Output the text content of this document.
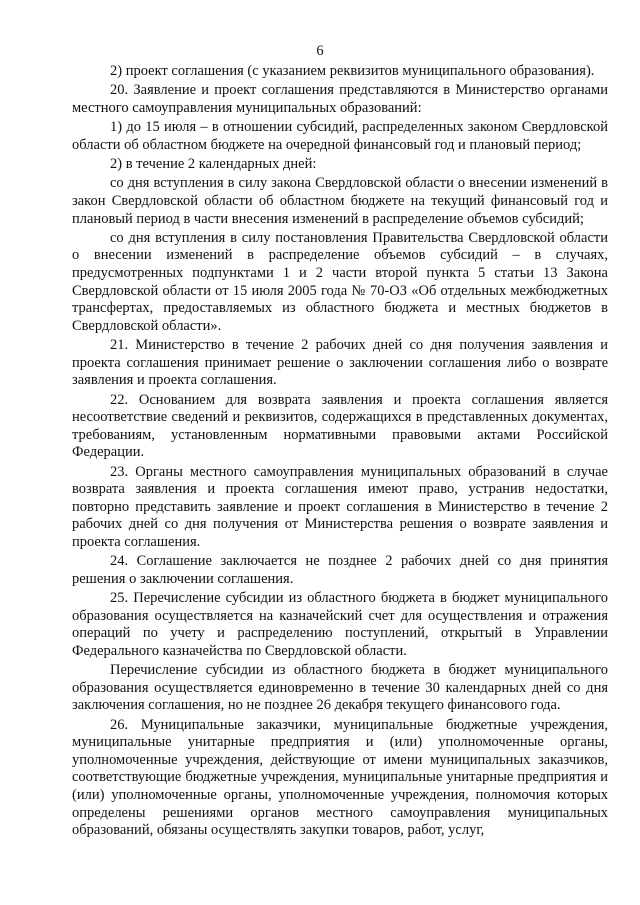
6

2) проект соглашения (с указанием реквизитов муниципального образования).

20. Заявление и проект соглашения представляются в Министерство органами местного самоуправления муниципальных образований:

1) до 15 июля – в отношении субсидий, распределенных законом Свердловской области об областном бюджете на очередной финансовый год и плановый период;

2) в течение 2 календарных дней:

со дня вступления в силу закона Свердловской области о внесении изменений в закон Свердловской области об областном бюджете на текущий финансовый год и плановый период в части внесения изменений в распределение объемов субсидий;

со дня вступления в силу постановления Правительства Свердловской области о внесении изменений в распределение объемов субсидий – в случаях, предусмотренных подпунктами 1 и 2 части второй пункта 5 статьи 13 Закона Свердловской области от 15 июля 2005 года № 70-ОЗ «Об отдельных межбюджетных трансфертах, предоставляемых из областного бюджета и местных бюджетов в Свердловской области».

21. Министерство в течение 2 рабочих дней со дня получения заявления и проекта соглашения принимает решение о заключении соглашения либо о возврате заявления и проекта соглашения.

22. Основанием для возврата заявления и проекта соглашения является несоответствие сведений и реквизитов, содержащихся в представленных документах, требованиям, установленным нормативными правовыми актами Российской Федерации.

23. Органы местного самоуправления муниципальных образований в случае возврата заявления и проекта соглашения имеют право, устранив недостатки, повторно представить заявление и проект соглашения в Министерство в течение 2 рабочих дней со дня получения от Министерства решения о возврате заявления и проекта соглашения.

24. Соглашение заключается не позднее 2 рабочих дней со дня принятия решения о заключении соглашения.

25. Перечисление субсидии из областного бюджета в бюджет муниципального образования осуществляется на казначейский счет для осуществления и отражения операций по учету и распределению поступлений, открытый в Управлении Федерального казначейства по Свердловской области.

Перечисление субсидии из областного бюджета в бюджет муниципального образования осуществляется единовременно в течение 30 календарных дней со дня заключения соглашения, но не позднее 26 декабря текущего финансового года.

26. Муниципальные заказчики, муниципальные бюджетные учреждения, муниципальные унитарные предприятия и (или) уполномоченные органы, уполномоченные учреждения, действующие от имени муниципальных заказчиков, соответствующие бюджетные учреждения, муниципальные унитарные предприятия и (или) уполномоченные органы, уполномоченные учреждения, полномочия которых определены решениями органов местного самоуправления муниципальных образований, обязаны осуществлять закупки товаров, работ, услуг,
